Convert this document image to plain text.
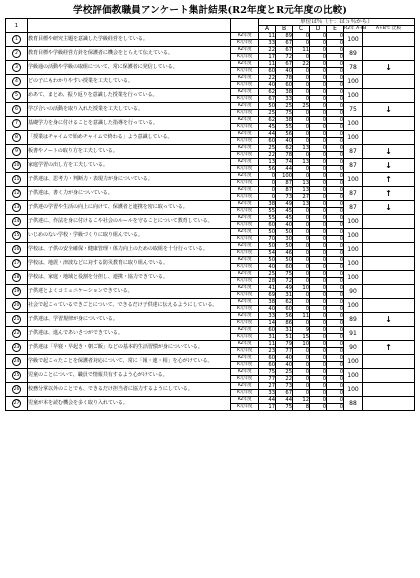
学校評価教職員アンケート集計結果(R2年度とR元年度の比較)
1			単位は％（十：は５％から）						
			A	B	C	D	E	R2年 A+B	A+Bで 比較
1	教育目標や研究主題を意識した学級経営をしている。	R2年度	11	89	0	0	0	100	
		R元年度	33	67	0	0	0		
2	教育目標や学級経営方針を保護者に機会をとらえて伝えている。	R2年度	22	67	11	0	0	89	
		R元年度	17	72	0	0	0		
3	学級通の活動や学級の取組について、常に保護者に発信している。	R2年度	11	67	22	0	0	78	↓
		R元年度	60	40	0	0	0		
4	どの子にもわかりやすい授業を工夫している。	R2年度	22	78	0	0	0	100	
		R元年度	40	60	0	0	0		
5	めあて、まとめ、振り返りを意識した授業を行っている。	R2年度	62	38	0	0	0	100	
		R元年度	67	33	0	0	0		
6	学び合いの活動を取り入れた授業を工夫している。	R2年度	50	25	25	0	0	75	↓
		R元年度	25	75	0	0	0		
7	基礎学力を身に付けることを意識した指導を行っている。	R2年度	62	38	0	0	0	100	
		R元年度	45	55	0	0	0		
8	「授業はチャイムで始めチャイムで終わる」よう意識している。	R2年度	44	56	0	0	0	100	
		R元年度	60	40	0	0	0		
9	板書やノートの取り方を工夫している。	R2年度	25	62	13	0	0	87	↓
		R元年度	22	78	0	0	0		
10	家庭学習の出し方を工夫している。	R2年度	13	74	13	0	0	87	↓
		R元年度	56	44	0	0	0		
11	子供達は、思考力・判断力・表現力が身についている。	R2年度	0	100	0	0	0	100	↑
		R元年度	0	87	13	0	0		
12	子供達は、書く力が身についている。	R2年度	0	87	13	0	0	87	↑
		R元年度	0	73	27	0	0		
13	子供達の学習や生活の向上に向けて、保護者と連携を密に取っている。	R2年度	38	49	13	0	0	87	↓
		R元年度	55	45	0	0	0		
14	子供達に、作法を身に付けるこや社会のルールを守ることについて教育している。	R2年度	55	45	0	0	0	100	
		R元年度	60	40	0	0	0		
15	いじめのない学校・学級づくりに取り組んでいる。	R2年度	50	50	0	0	0	100	
		R元年度	70	30	0	0	0		
16	学校は、子供の安全確保・健康管理・体力向上のための取組を十分行っている。	R2年度	50	50	0	0	0	100	
		R元年度	54	46	0	0	0		
17	学校は、地震・津波などに対する防災教育に取り組んでいる。	R2年度	50	50	0	0	0	100	
		R元年度	40	60	0	0	0		
18	学校は、家庭・地域と役割を分担し、連携・協力できている。	R2年度	25	75	0	0	0	100	
		R元年度	28	72	0	0	0		
19	子供達とよくコミュニケーションできている。	R2年度	41	49	10	0	0	90	
		R元年度	69	31	0	0	0		
20	社会で起こっているできごとについて、できるだけ子供達に伝えるようにしている。	R2年度	38	62	0	0	0	100	
		R元年度	40	60	0	0	0		
21	子供達は、学習規律が身についている。	R2年度	33	56	11	0	0	89	↓
		R元年度	14	86	0	0	0		
22	子供達は、進んであいさつができている。	R2年度	60	31	9	0	0	91	
		R元年度	31	51	15	0	0		
23	子供達は「早寝・早起き・朝ご飯」などの基本的生活習慣が身についている。	R2年度	11	79	10	0	0	90	↑
		R元年度	23	77	0	0	0		
24	学級で起こったことを保護者対応について、常に「報・連・相」を心がけている。	R2年度	60	40	0	0	0	100	
		R元年度	60	40	0	0	0		
25	児童のことについて、職員で情報共有するよう心がけている。	R2年度	75	25	0	0	0	100	
		R元年度	77	22	0	0	0		
26	校務分掌以外のことでも、できるだけ担当者に協力するようにしている。	R2年度	27	73	0	0	0	100	
		R元年度	33	67	0	0	0		
27	児童が本を読む機会を多く取り入れている。	R2年度	44	44	12	0	0	88	
		R元年度	17	75	8	0	0		
